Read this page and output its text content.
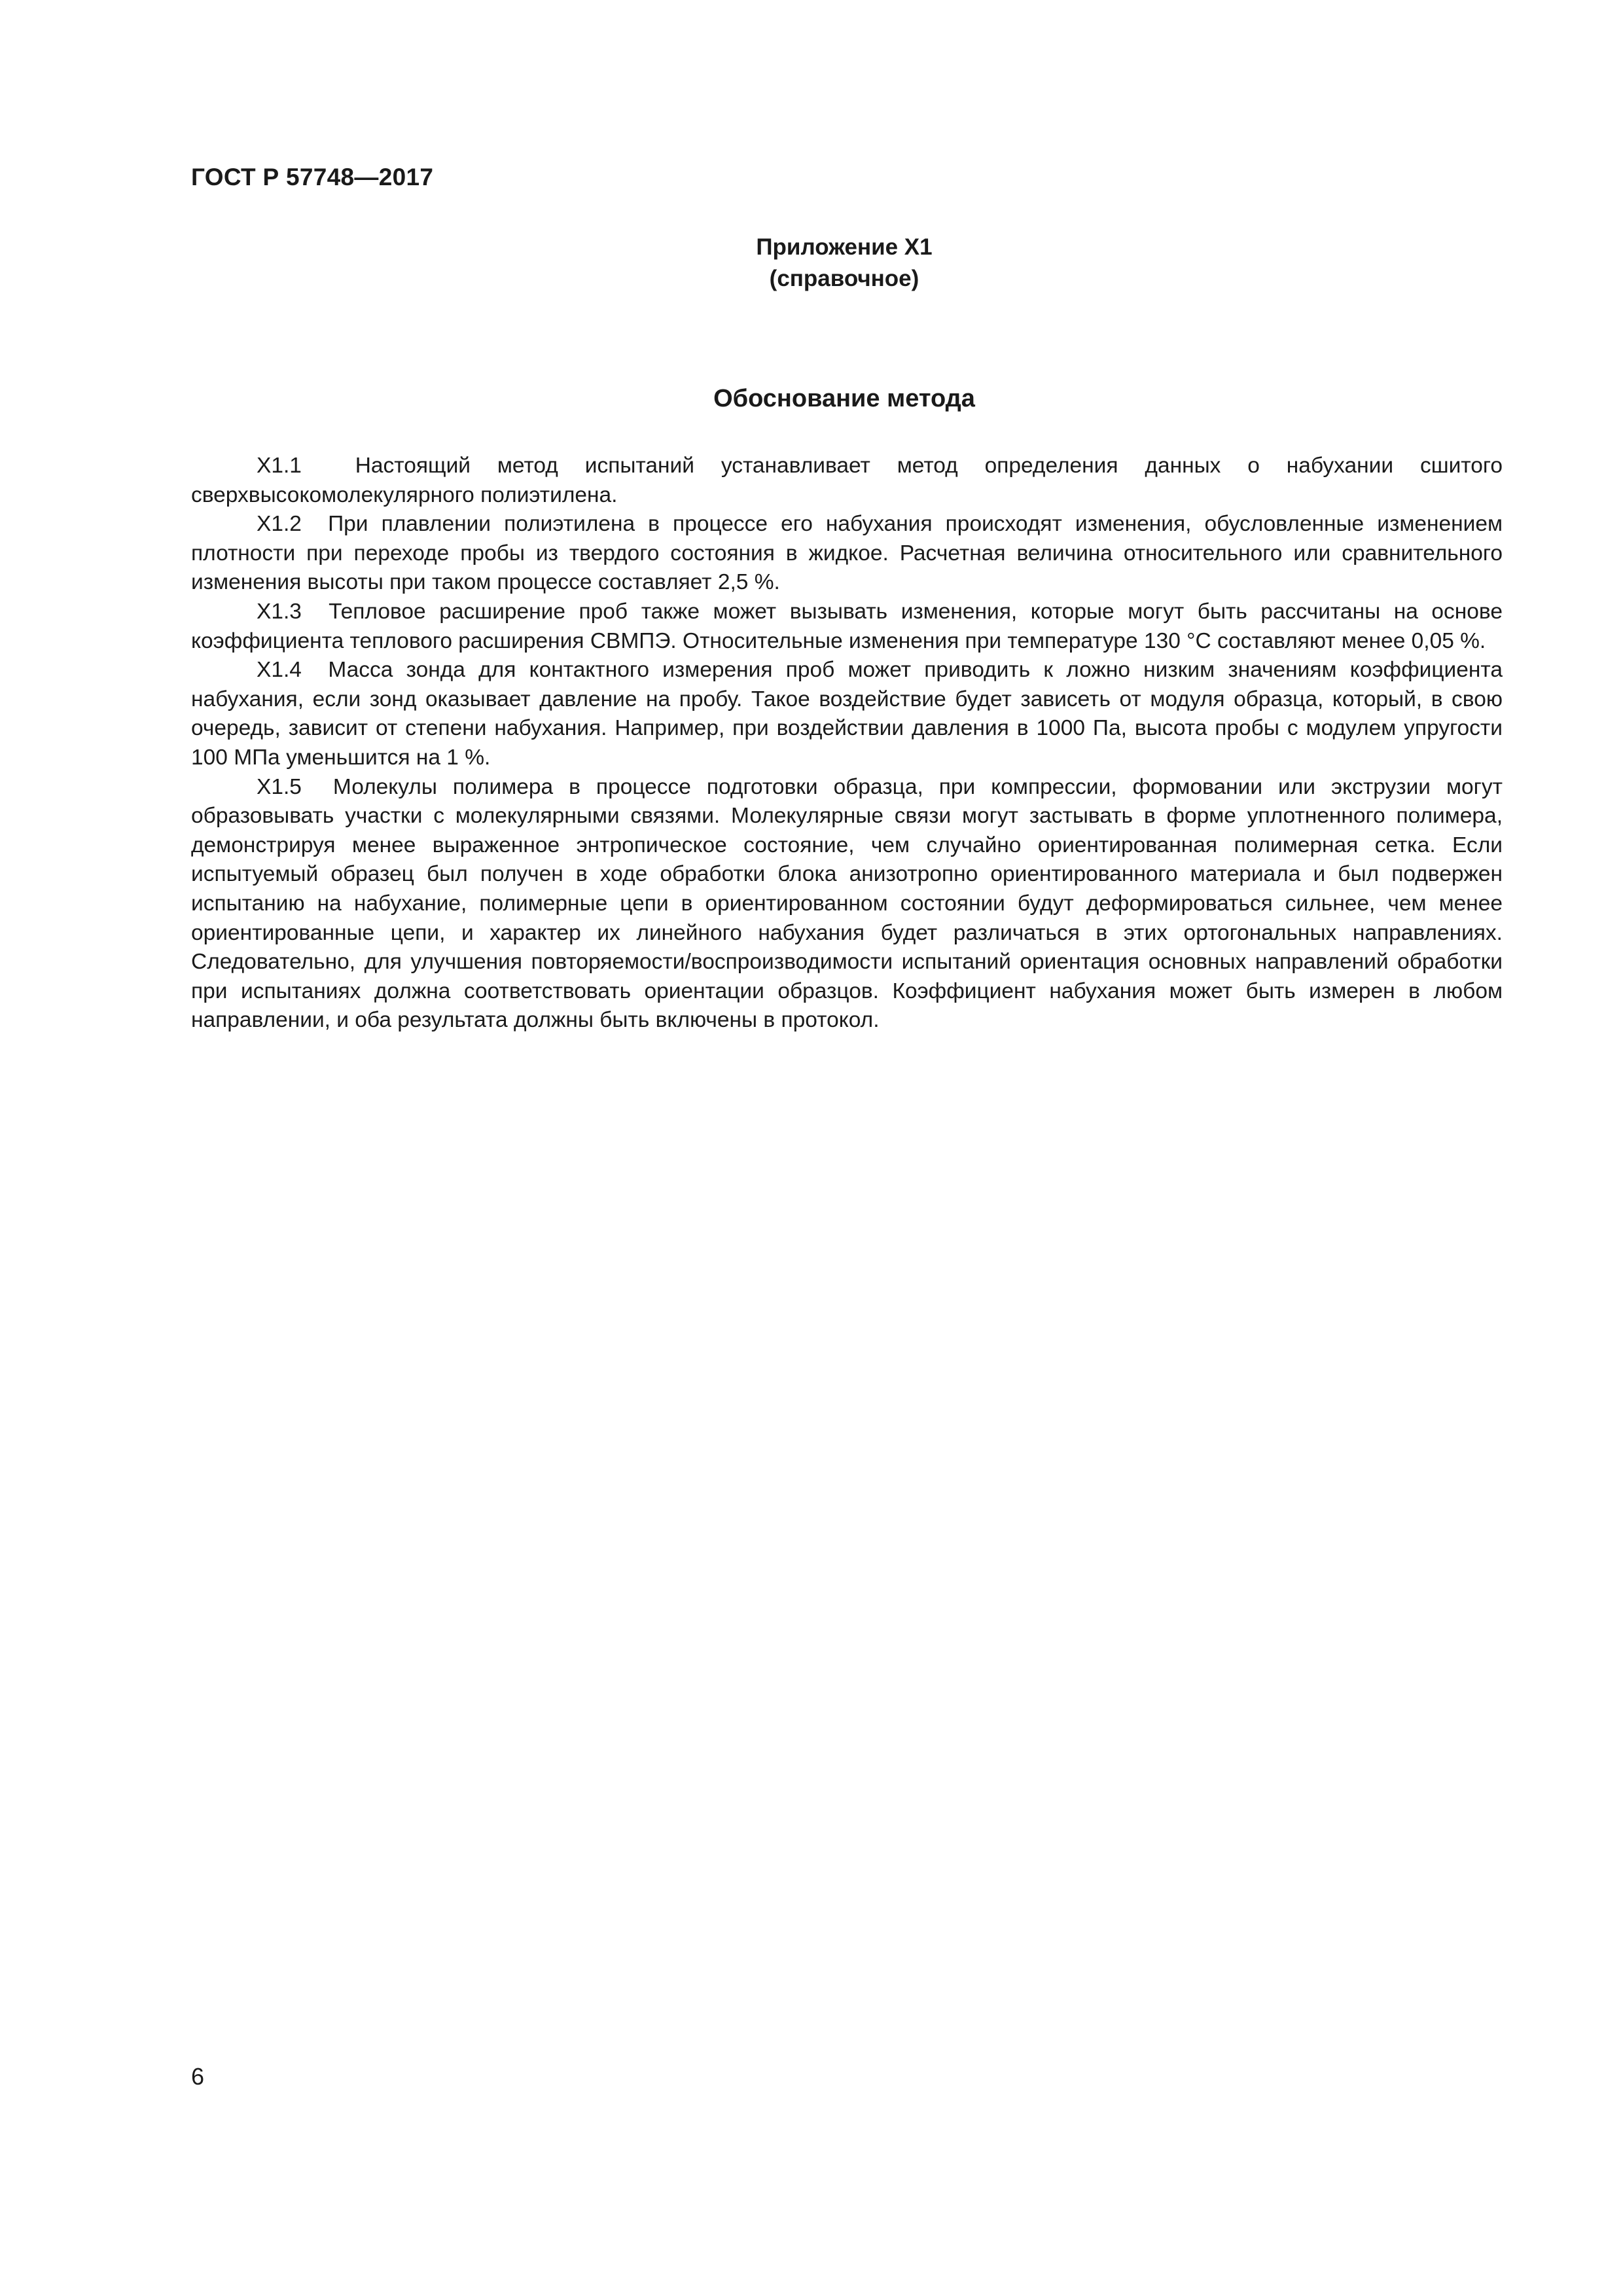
ГОСТ Р 57748—2017
Приложение Х1
(справочное)
Обоснование метода

Х1.1 Настоящий метод испытаний устанавливает метод определения данных о набухании сшитого сверхвысокомолекулярного полиэтилена.

Х1.2 При плавлении полиэтилена в процессе его набухания происходят изменения, обусловленные изменением плотности при переходе пробы из твердого состояния в жидкое. Расчетная величина относительного или сравнительного изменения высоты при таком процессе составляет 2,5 %.

Х1.3 Тепловое расширение проб также может вызывать изменения, которые могут быть рассчитаны на основе коэффициента теплового расширения СВМПЭ. Относительные изменения при температуре 130 °С составляют менее 0,05 %.

Х1.4 Масса зонда для контактного измерения проб может приводить к ложно низким значениям коэффициента набухания, если зонд оказывает давление на пробу. Такое воздействие будет зависеть от модуля образца, который, в свою очередь, зависит от степени набухания. Например, при воздействии давления в 1000 Па, высота пробы с модулем упругости 100 МПа уменьшится на 1 %.

Х1.5 Молекулы полимера в процессе подготовки образца, при компрессии, формовании или экструзии могут образовывать участки с молекулярными связями. Молекулярные связи могут застывать в форме уплотненного полимера, демонстрируя менее выраженное энтропическое состояние, чем случайно ориентированная полимерная сетка. Если испытуемый образец был получен в ходе обработки блока анизотропно ориентированного материала и был подвержен испытанию на набухание, полимерные цепи в ориентированном состоянии будут деформироваться сильнее, чем менее ориентированные цепи, и характер их линейного набухания будет различаться в этих ортогональных направлениях. Следовательно, для улучшения повторяемости/воспроизводимости испытаний ориентация основных направлений обработки при испытаниях должна соответствовать ориентации образцов. Коэффициент набухания может быть измерен в любом направлении, и оба результата должны быть включены в протокол.

6
